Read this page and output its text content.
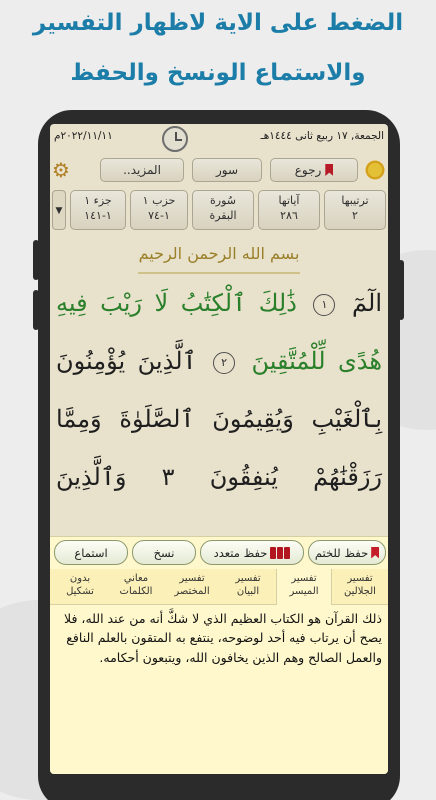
الضغط على الاية لاظهار التفسير
والاستماع الونسخ والحفظ
الجمعة, ١٧ ربيع ثانى ١٤٤٤هـ
٢٠٢٢/١١/١١م
رجوع
سور
المزيد..
⚙
ترتيبها
٢
آياتها
٢٨٦
سُورة
البقرة
حزب ١
١-٧٤
جزء ١
١-١٤١
▼
بسم الله الرحمن الرحيم
الٓمٓ ١ ذَٰلِكَ ٱلْكِتَٰبُ لَا رَيْبَ فِيهِ
هُدًى لِّلْمُتَّقِينَ ٢ ٱلَّذِينَ يُؤْمِنُونَ
بِٱلْغَيْبِ وَيُقِيمُونَ ٱلصَّلَوٰةَ وَمِمَّا
رَزَقْنَٰهُمْ يُنفِقُونَ ٣ وَٱلَّذِينَ
حفظ للختم
حفظ متعدد
نسخ
استماع
تفسير
الجلالين
تفسير
الميسر
تفسير
البيان
تفسير
المختصر
معاني
الكلمات
بدون
تشكيل
ذلك القرآن هو الكتاب العظيم الذي لا شكَّ أنه من عند الله، فلا يصح أن يرتاب فيه أحد لوضوحه، ينتفع به المتقون بالعلم النافع والعمل الصالح وهم الذين يخافون الله، ويتبعون أحكامه.
